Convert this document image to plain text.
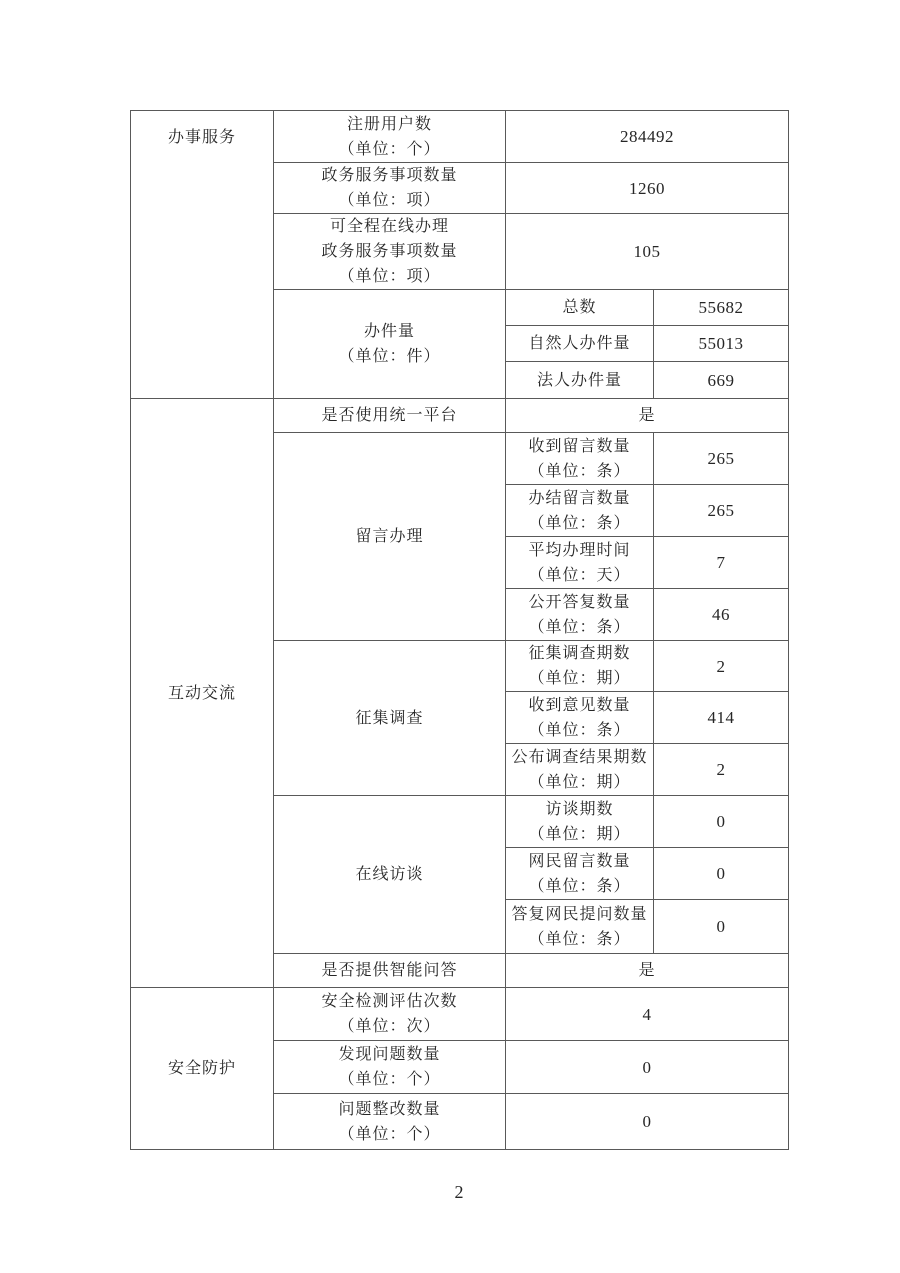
办事服务	注册用户数
（单位：个）	284492	

	政务服务事项数量
（单位：项）	1260	

	可全程在线办理
政务服务事项数量
（单位：项）	105	

	办件量
（单位：件）	总数	55682
		自然人办件量	55013
		法人办件量	669
互动交流	是否使用统一平台	是	
	留言办理	收到留言数量
（单位：条）	265

		办结留言数量
（单位：条）	265

		平均办理时间
（单位：天）	7

		公开答复数量
（单位：条）	46
	征集调查	征集调查期数
（单位：期）	2

		收到意见数量
（单位：条）	414

		公布调查结果期数
（单位：期）	2
	在线访谈	访谈期数
（单位：期）	0

		网民留言数量
（单位：条）	0

		答复网民提问数量
（单位：条）	0
	是否提供智能问答	是	
安全防护	安全检测评估次数
（单位：次）	4	

	发现问题数量
（单位：个）	0	

	问题整改数量
（单位：个）	0	
2
